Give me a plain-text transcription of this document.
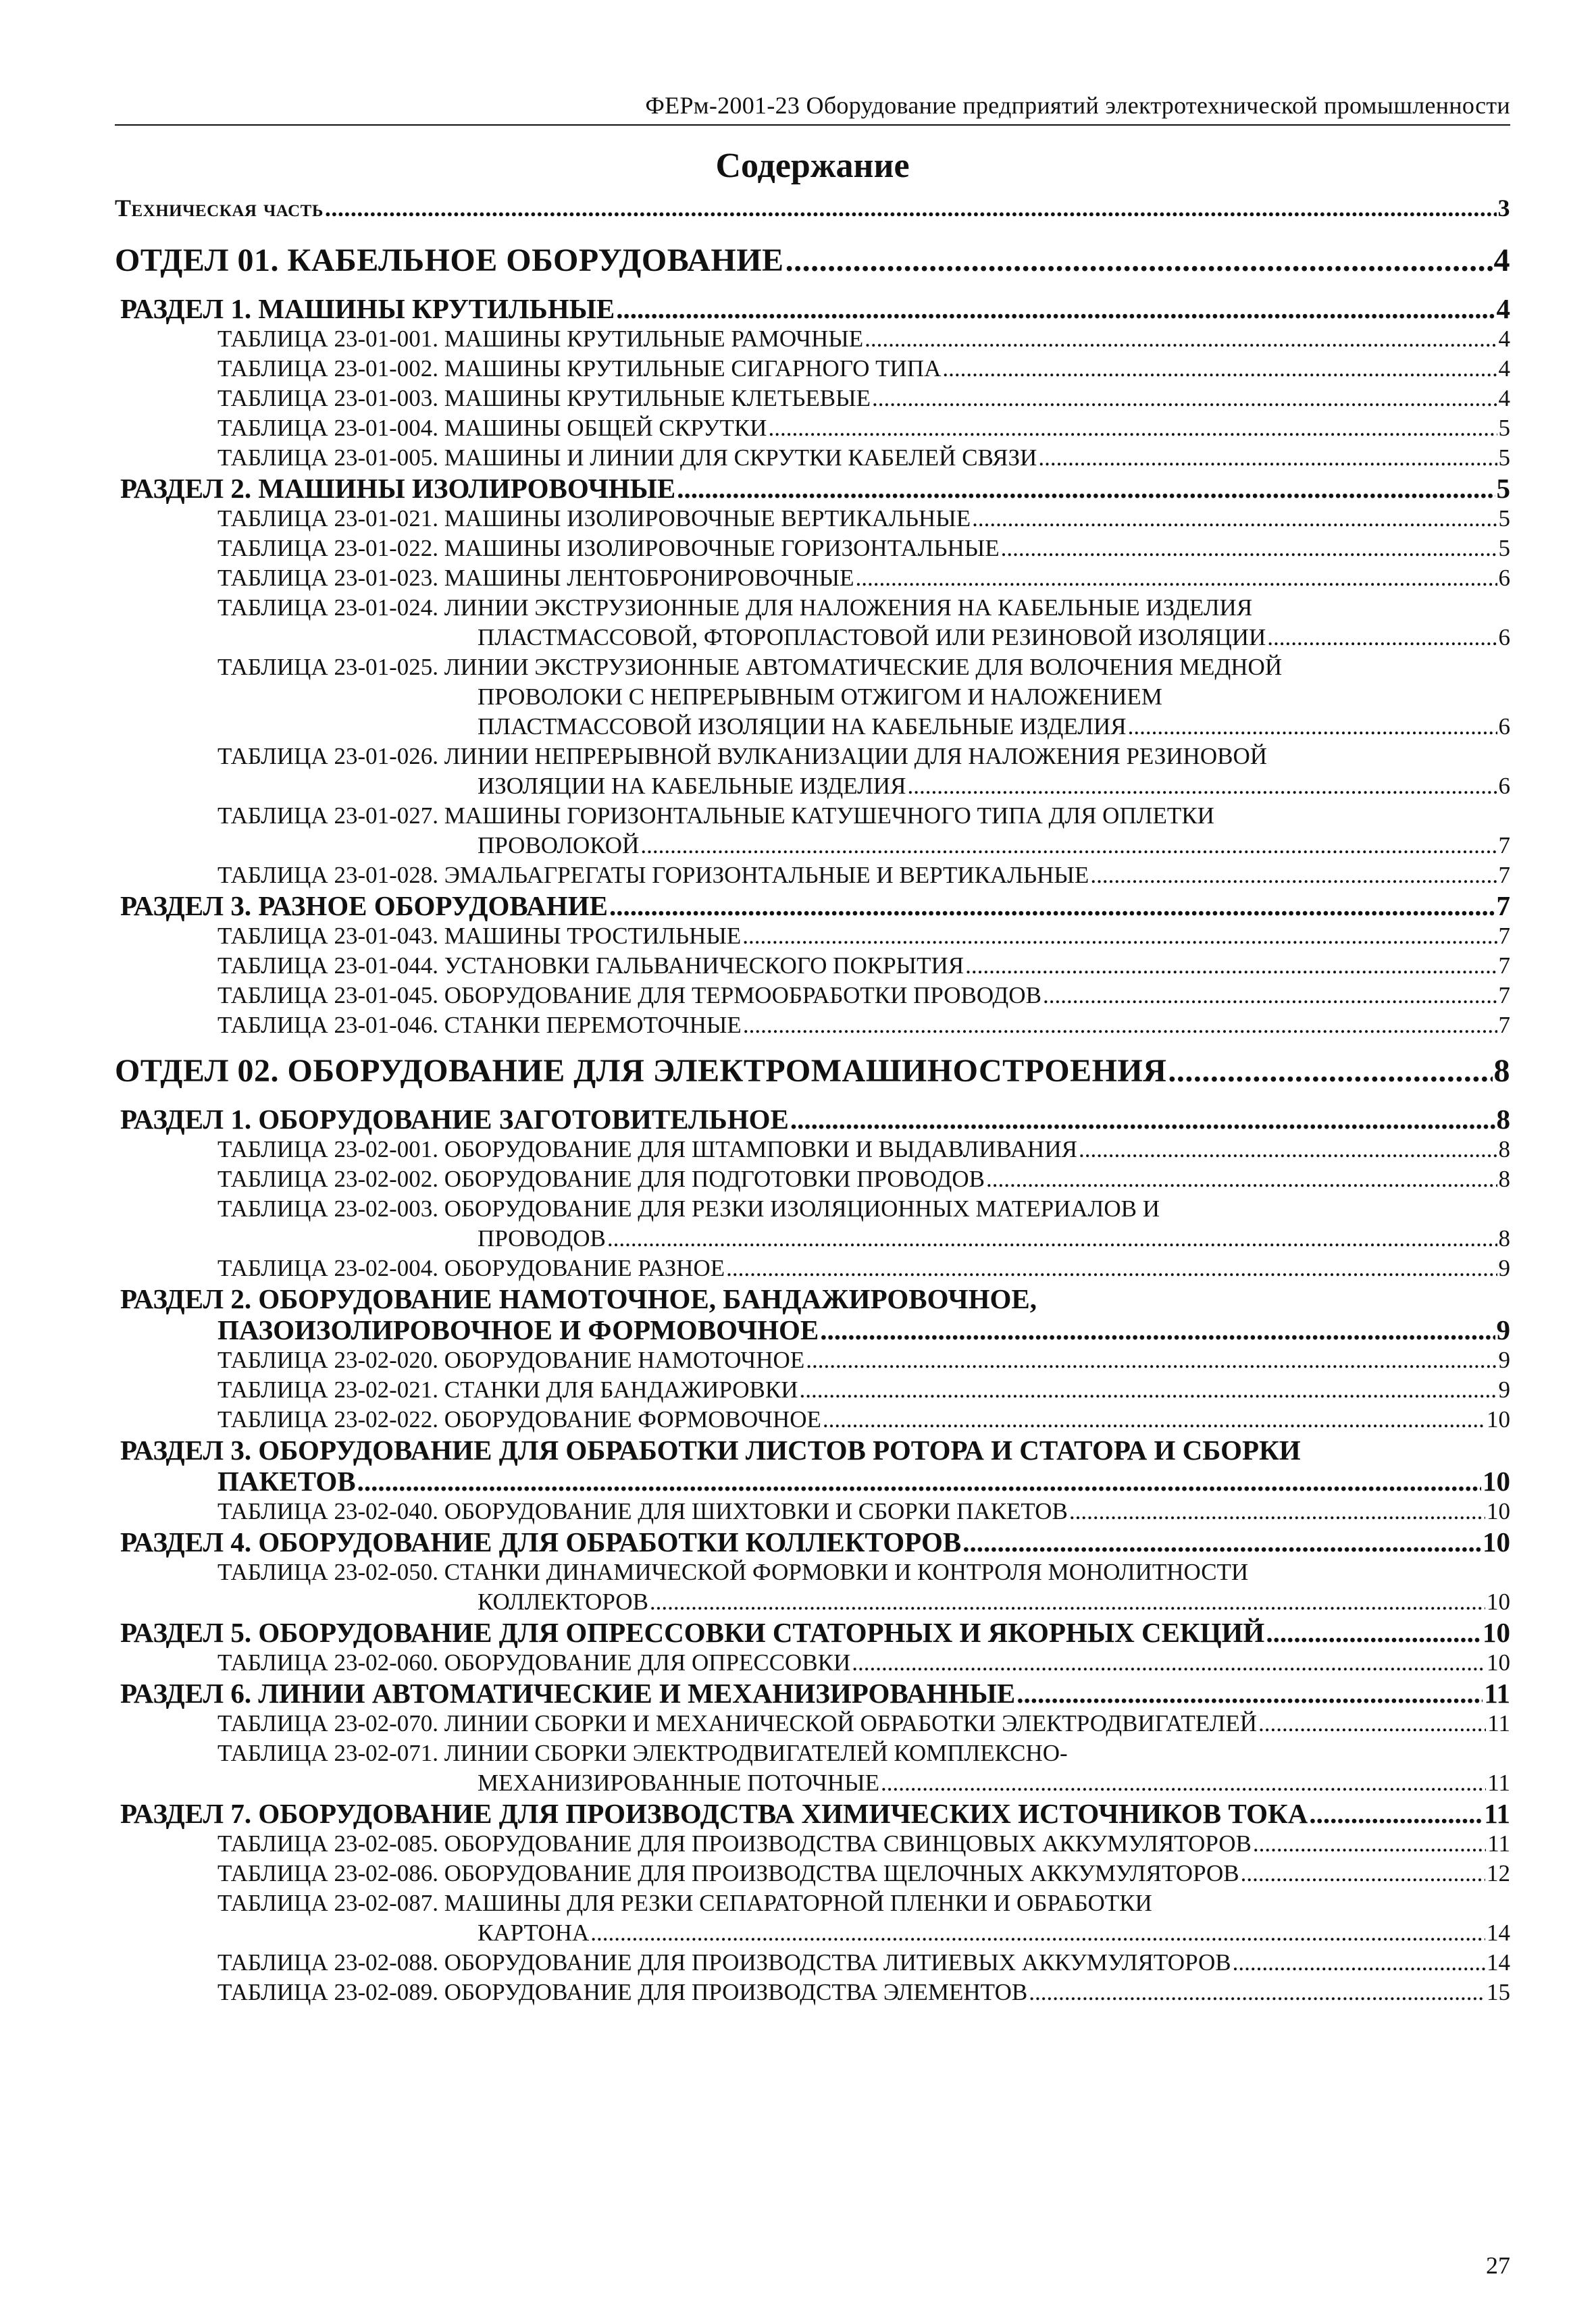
ФЕРм-2001-23 Оборудование предприятий электротехнической промышленности
Содержание
Техническая часть .....	3
ОТДЕЛ 01. КАБЕЛЬНОЕ ОБОРУДОВАНИЕ .....	4
РАЗДЕЛ 1. МАШИНЫ КРУТИЛЬНЫЕ .....	4
ТАБЛИЦА 23-01-001. МАШИНЫ КРУТИЛЬНЫЕ РАМОЧНЫЕ .....	4
ТАБЛИЦА 23-01-002. МАШИНЫ КРУТИЛЬНЫЕ СИГАРНОГО ТИПА .....	4
ТАБЛИЦА 23-01-003. МАШИНЫ КРУТИЛЬНЫЕ КЛЕТЬЕВЫЕ .....	4
ТАБЛИЦА 23-01-004. МАШИНЫ ОБЩЕЙ СКРУТКИ .....	5
ТАБЛИЦА 23-01-005. МАШИНЫ И ЛИНИИ ДЛЯ СКРУТКИ КАБЕЛЕЙ СВЯЗИ .....	5
РАЗДЕЛ 2. МАШИНЫ ИЗОЛИРОВОЧНЫЕ .....	5
ТАБЛИЦА 23-01-021. МАШИНЫ ИЗОЛИРОВОЧНЫЕ ВЕРТИКАЛЬНЫЕ .....	5
ТАБЛИЦА 23-01-022. МАШИНЫ ИЗОЛИРОВОЧНЫЕ ГОРИЗОНТАЛЬНЫЕ .....	5
ТАБЛИЦА 23-01-023. МАШИНЫ ЛЕНТОБРОНИРОВОЧНЫЕ .....	6
ТАБЛИЦА 23-01-024. ЛИНИИ ЭКСТРУЗИОННЫЕ ДЛЯ НАЛОЖЕНИЯ НА КАБЕЛЬНЫЕ ИЗДЕЛИЯ
ПЛАСТМАССОВОЙ, ФТОРОПЛАСТОВОЙ ИЛИ РЕЗИНОВОЙ ИЗОЛЯЦИИ .....	6
ТАБЛИЦА 23-01-025. ЛИНИИ ЭКСТРУЗИОННЫЕ АВТОМАТИЧЕСКИЕ ДЛЯ ВОЛОЧЕНИЯ МЕДНОЙ
ПРОВОЛОКИ С НЕПРЕРЫВНЫМ ОТЖИГОМ И НАЛОЖЕНИЕМ
ПЛАСТМАССОВОЙ ИЗОЛЯЦИИ НА КАБЕЛЬНЫЕ ИЗДЕЛИЯ .....	6
ТАБЛИЦА 23-01-026. ЛИНИИ НЕПРЕРЫВНОЙ ВУЛКАНИЗАЦИИ ДЛЯ НАЛОЖЕНИЯ РЕЗИНОВОЙ
ИЗОЛЯЦИИ НА КАБЕЛЬНЫЕ ИЗДЕЛИЯ .....	6
ТАБЛИЦА 23-01-027. МАШИНЫ ГОРИЗОНТАЛЬНЫЕ КАТУШЕЧНОГО ТИПА ДЛЯ ОПЛЕТКИ
ПРОВОЛОКОЙ .....	7
ТАБЛИЦА 23-01-028. ЭМАЛЬАГРЕГАТЫ ГОРИЗОНТАЛЬНЫЕ И ВЕРТИКАЛЬНЫЕ .....	7
РАЗДЕЛ 3. РАЗНОЕ ОБОРУДОВАНИЕ .....	7
ТАБЛИЦА 23-01-043. МАШИНЫ ТРОСТИЛЬНЫЕ .....	7
ТАБЛИЦА 23-01-044. УСТАНОВКИ ГАЛЬВАНИЧЕСКОГО ПОКРЫТИЯ .....	7
ТАБЛИЦА 23-01-045. ОБОРУДОВАНИЕ ДЛЯ ТЕРМООБРАБОТКИ ПРОВОДОВ .....	7
ТАБЛИЦА 23-01-046. СТАНКИ ПЕРЕМОТОЧНЫЕ .....	7
ОТДЕЛ 02. ОБОРУДОВАНИЕ ДЛЯ ЭЛЕКТРОМАШИНОСТРОЕНИЯ .....	8
РАЗДЕЛ 1. ОБОРУДОВАНИЕ ЗАГОТОВИТЕЛЬНОЕ .....	8
ТАБЛИЦА 23-02-001. ОБОРУДОВАНИЕ ДЛЯ ШТАМПОВКИ И ВЫДАВЛИВАНИЯ .....	8
ТАБЛИЦА 23-02-002. ОБОРУДОВАНИЕ ДЛЯ ПОДГОТОВКИ ПРОВОДОВ .....	8
ТАБЛИЦА 23-02-003. ОБОРУДОВАНИЕ ДЛЯ РЕЗКИ ИЗОЛЯЦИОННЫХ МАТЕРИАЛОВ И
ПРОВОДОВ .....	8
ТАБЛИЦА 23-02-004. ОБОРУДОВАНИЕ РАЗНОЕ .....	9
РАЗДЕЛ 2. ОБОРУДОВАНИЕ НАМОТОЧНОЕ, БАНДАЖИРОВОЧНОЕ,
ПАЗОИЗОЛИРОВОЧНОЕ И ФОРМОВОЧНОЕ .....	9
ТАБЛИЦА 23-02-020. ОБОРУДОВАНИЕ НАМОТОЧНОЕ .....	9
ТАБЛИЦА 23-02-021. СТАНКИ ДЛЯ БАНДАЖИРОВКИ .....	9
ТАБЛИЦА 23-02-022. ОБОРУДОВАНИЕ ФОРМОВОЧНОЕ .....	10
РАЗДЕЛ 3. ОБОРУДОВАНИЕ ДЛЯ ОБРАБОТКИ ЛИСТОВ РОТОРА И СТАТОРА И СБОРКИ
ПАКЕТОВ .....	10
ТАБЛИЦА 23-02-040. ОБОРУДОВАНИЕ ДЛЯ ШИХТОВКИ И СБОРКИ ПАКЕТОВ .....	10
РАЗДЕЛ 4. ОБОРУДОВАНИЕ ДЛЯ ОБРАБОТКИ КОЛЛЕКТОРОВ .....	10
ТАБЛИЦА 23-02-050. СТАНКИ ДИНАМИЧЕСКОЙ ФОРМОВКИ И КОНТРОЛЯ МОНОЛИТНОСТИ
КОЛЛЕКТОРОВ .....	10
РАЗДЕЛ 5. ОБОРУДОВАНИЕ ДЛЯ ОПРЕССОВКИ СТАТОРНЫХ И ЯКОРНЫХ СЕКЦИЙ .....	10
ТАБЛИЦА 23-02-060. ОБОРУДОВАНИЕ ДЛЯ ОПРЕССОВКИ .....	10
РАЗДЕЛ 6. ЛИНИИ АВТОМАТИЧЕСКИЕ И МЕХАНИЗИРОВАННЫЕ .....	11
ТАБЛИЦА 23-02-070. ЛИНИИ СБОРКИ И МЕХАНИЧЕСКОЙ ОБРАБОТКИ ЭЛЕКТРОДВИГАТЕЛЕЙ .....	11
ТАБЛИЦА 23-02-071. ЛИНИИ СБОРКИ ЭЛЕКТРОДВИГАТЕЛЕЙ КОМПЛЕКСНО-
МЕХАНИЗИРОВАННЫЕ ПОТОЧНЫЕ .....	11
РАЗДЕЛ 7. ОБОРУДОВАНИЕ ДЛЯ ПРОИЗВОДСТВА ХИМИЧЕСКИХ ИСТОЧНИКОВ ТОКА .....	11
ТАБЛИЦА 23-02-085. ОБОРУДОВАНИЕ ДЛЯ ПРОИЗВОДСТВА СВИНЦОВЫХ АККУМУЛЯТОРОВ .....	11
ТАБЛИЦА 23-02-086. ОБОРУДОВАНИЕ ДЛЯ ПРОИЗВОДСТВА ЩЕЛОЧНЫХ АККУМУЛЯТОРОВ .....	12
ТАБЛИЦА 23-02-087. МАШИНЫ ДЛЯ РЕЗКИ СЕПАРАТОРНОЙ ПЛЕНКИ И ОБРАБОТКИ
КАРТОНА .....	14
ТАБЛИЦА 23-02-088. ОБОРУДОВАНИЕ ДЛЯ ПРОИЗВОДСТВА ЛИТИЕВЫХ АККУМУЛЯТОРОВ .....	14
ТАБЛИЦА 23-02-089. ОБОРУДОВАНИЕ ДЛЯ ПРОИЗВОДСТВА ЭЛЕМЕНТОВ .....	15
27
